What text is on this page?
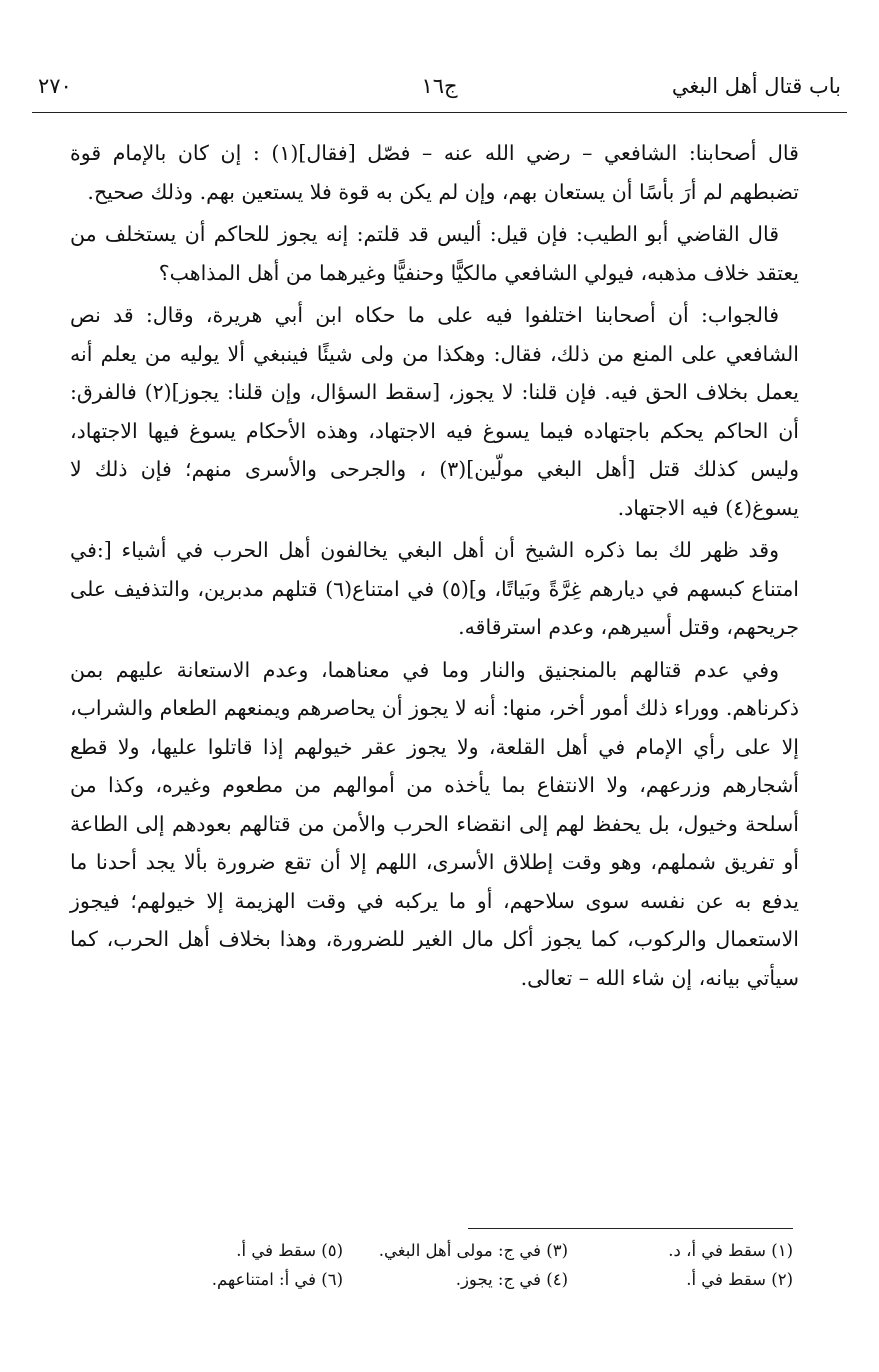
باب قتال أهل البغي
ج١٦
٢٧٠

قال أصحابنا: الشافعي – رضي الله عنه – فصّل [فقال](١) : إن كان بالإمام قوة تضبطهم لم أرَ بأسًا أن يستعان بهم، وإن لم يكن به قوة فلا يستعين بهم. وذلك صحيح.

قال القاضي أبو الطيب: فإن قيل: أليس قد قلتم: إنه يجوز للحاكم أن يستخلف من يعتقد خلاف مذهبه، فيولي الشافعي مالكيًّا وحنفيًّا وغيرهما من أهل المذاهب؟

فالجواب: أن أصحابنا اختلفوا فيه على ما حكاه ابن أبي هريرة، وقال: قد نص الشافعي على المنع من ذلك، فقال: وهكذا من ولى شيئًا فينبغي ألا يوليه من يعلم أنه يعمل بخلاف الحق فيه. فإن قلنا: لا يجوز، [سقط السؤال، وإن قلنا: يجوز](٢) فالفرق: أن الحاكم يحكم باجتهاده فيما يسوغ فيه الاجتهاد، وهذه الأحكام يسوغ فيها الاجتهاد، وليس كذلك قتل [أهل البغي مولّين](٣) ، والجرحى والأسرى منهم؛ فإن ذلك لا يسوغ(٤) فيه الاجتهاد.

وقد ظهر لك بما ذكره الشيخ أن أهل البغي يخالفون أهل الحرب في أشياء [:في امتناع كبسهم في ديارهم غِرَّةً وبَياتًا، و](٥) في امتناع(٦) قتلهم مدبرين، والتذفيف على جريحهم، وقتل أسيرهم، وعدم استرقاقه.

وفي عدم قتالهم بالمنجنيق والنار وما في معناهما، وعدم الاستعانة عليهم بمن ذكرناهم. ووراء ذلك أمور أخر، منها: أنه لا يجوز أن يحاصرهم ويمنعهم الطعام والشراب، إلا على رأي الإمام في أهل القلعة، ولا يجوز عقر خيولهم إذا قاتلوا عليها، ولا قطع أشجارهم وزرعهم، ولا الانتفاع بما يأخذه من أموالهم من مطعوم وغيره، وكذا من أسلحة وخيول، بل يحفظ لهم إلى انقضاء الحرب والأمن من قتالهم بعودهم إلى الطاعة أو تفريق شملهم، وهو وقت إطلاق الأسرى، اللهم إلا أن تقع ضرورة بألا يجد أحدنا ما يدفع به عن نفسه سوى سلاحهم، أو ما يركبه في وقت الهزيمة إلا خيولهم؛ فيجوز الاستعمال والركوب، كما يجوز أكل مال الغير للضرورة، وهذا بخلاف أهل الحرب، كما سيأتي بيانه، إن شاء الله – تعالى.

(١) سقط في أ، د.
(٣) في ج: مولى أهل البغي.
(٥) سقط في أ.
(٢) سقط في أ.
(٤) في ج: يجوز.
(٦) في أ: امتناعهم.
